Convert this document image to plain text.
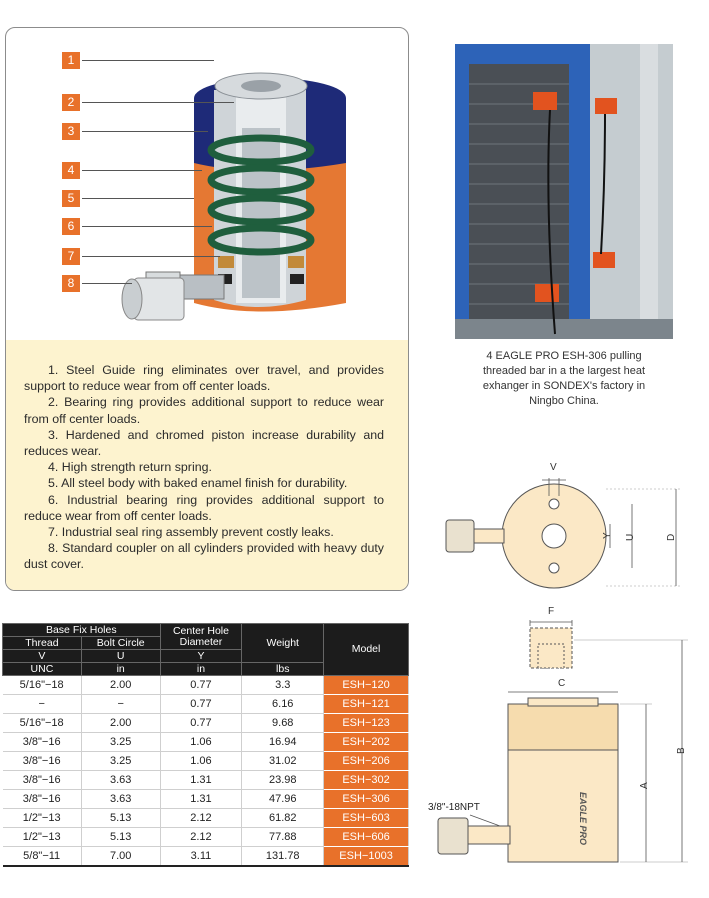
1
2
3
4
5
6
7
8
1. Steel Guide ring eliminates over travel, and provides support to reduce wear from off center loads.
2. Bearing ring provides additional support to reduce wear from off center loads.
3. Hardened and chromed piston increase durability and reduces wear.
4. High strength return spring.
5. All steel body with baked enamel finish for durability.
6. Industrial bearing ring provides additional support to reduce wear from off center loads.
7. Industrial seal ring assembly prevent costly leaks.
8. Standard coupler on all cylinders provided with heavy duty dust cover.
4 EAGLE PRO ESH-306 pulling
threaded bar in a the largest heat
exhanger in SONDEX's factory in
Ningbo China.
V
D
U
Y
F
C
EAGLE PRO
3/8"-18NPT
A
B
Base Fix Holes		Center Hole Diameter	Weight	Model
Thread	Bolt Circle			
V	U	Y		
UNC	in	in	lbs	
5/16"−18	2.00	0.77	3.3	ESH−120
−	−	0.77	6.16	ESH−121
5/16"−18	2.00	0.77	9.68	ESH−123
3/8"−16	3.25	1.06	16.94	ESH−202
3/8"−16	3.25	1.06	31.02	ESH−206
3/8"−16	3.63	1.31	23.98	ESH−302
3/8"−16	3.63	1.31	47.96	ESH−306
1/2"−13	5.13	2.12	61.82	ESH−603
1/2"−13	5.13	2.12	77.88	ESH−606
5/8"−11	7.00	3.11	131.78	ESH−1003
